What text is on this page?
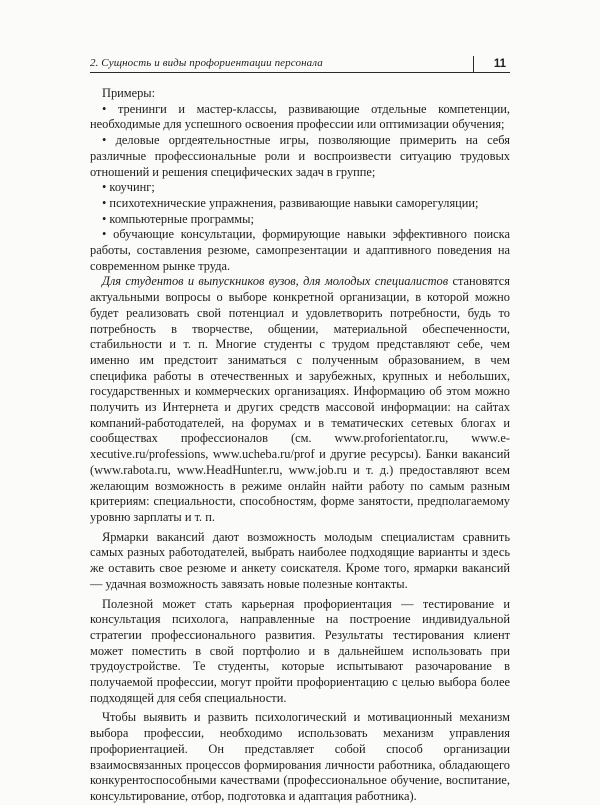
2. Сущность и виды профориентации персонала	11

Примеры:

• тренинги и мастер-классы, развивающие отдельные компетенции, необходимые для успешного освоения профессии или оптимизации обучения;

• деловые оргдеятельностные игры, позволяющие примерить на себя различные профессиональные роли и воспроизвести ситуацию трудовых отношений и решения специфических задач в группе;

• коучинг;

• психотехнические упражнения, развивающие навыки саморегуляции;

• компьютерные программы;

• обучающие консультации, формирующие навыки эффективного поиска работы, составления резюме, самопрезентации и адаптивного поведения на современном рынке труда.

Для студентов и выпускников вузов, для молодых специалистов становятся актуальными вопросы о выборе конкретной организации, в которой можно будет реализовать свой потенциал и удовлетворить потребности, будь то потребность в творчестве, общении, материальной обеспеченности, стабильности и т. п. Многие студенты с трудом представляют себе, чем именно им предстоит заниматься с полученным образованием, в чем специфика работы в отечественных и зарубежных, крупных и небольших, государственных и коммерческих организациях. Информацию об этом можно получить из Интернета и других средств массовой информации: на сайтах компаний-работодателей, на форумах и в тематических сетевых блогах и сообществах профессионалов (см. www.proforientator.ru, www.e-xecutive.ru/professions, www.ucheba.ru/prof и другие ресурсы). Банки вакансий (www.rabota.ru, www.HeadHunter.ru, www.job.ru и т. д.) предоставляют всем желающим возможность в режиме онлайн найти работу по самым разным критериям: специальности, способностям, форме занятости, предполагаемому уровню зарплаты и т. п.

Ярмарки вакансий дают возможность молодым специалистам сравнить самых разных работодателей, выбрать наиболее подходящие варианты и здесь же оставить свое резюме и анкету соискателя. Кроме того, ярмарки вакансий — удачная возможность завязать новые полезные контакты.

Полезной может стать карьерная профориентация — тестирование и консультация психолога, направленные на построение индивидуальной стратегии профессионального развития. Результаты тестирования клиент может поместить в свой портфолио и в дальнейшем использовать при трудоустройстве. Те студенты, которые испытывают разочарование в получаемой профессии, могут пройти профориентацию с целью выбора более подходящей для себя специальности.

Чтобы выявить и развить психологический и мотивационный механизм выбора профессии, необходимо использовать механизм управления профориентацией. Он представляет собой способ организации взаимосвязанных процессов формирования личности работника, обладающего конкурентоспособными качествами (профессиональное обучение, воспитание, консультирование, отбор, подготовка и адаптация работника).
